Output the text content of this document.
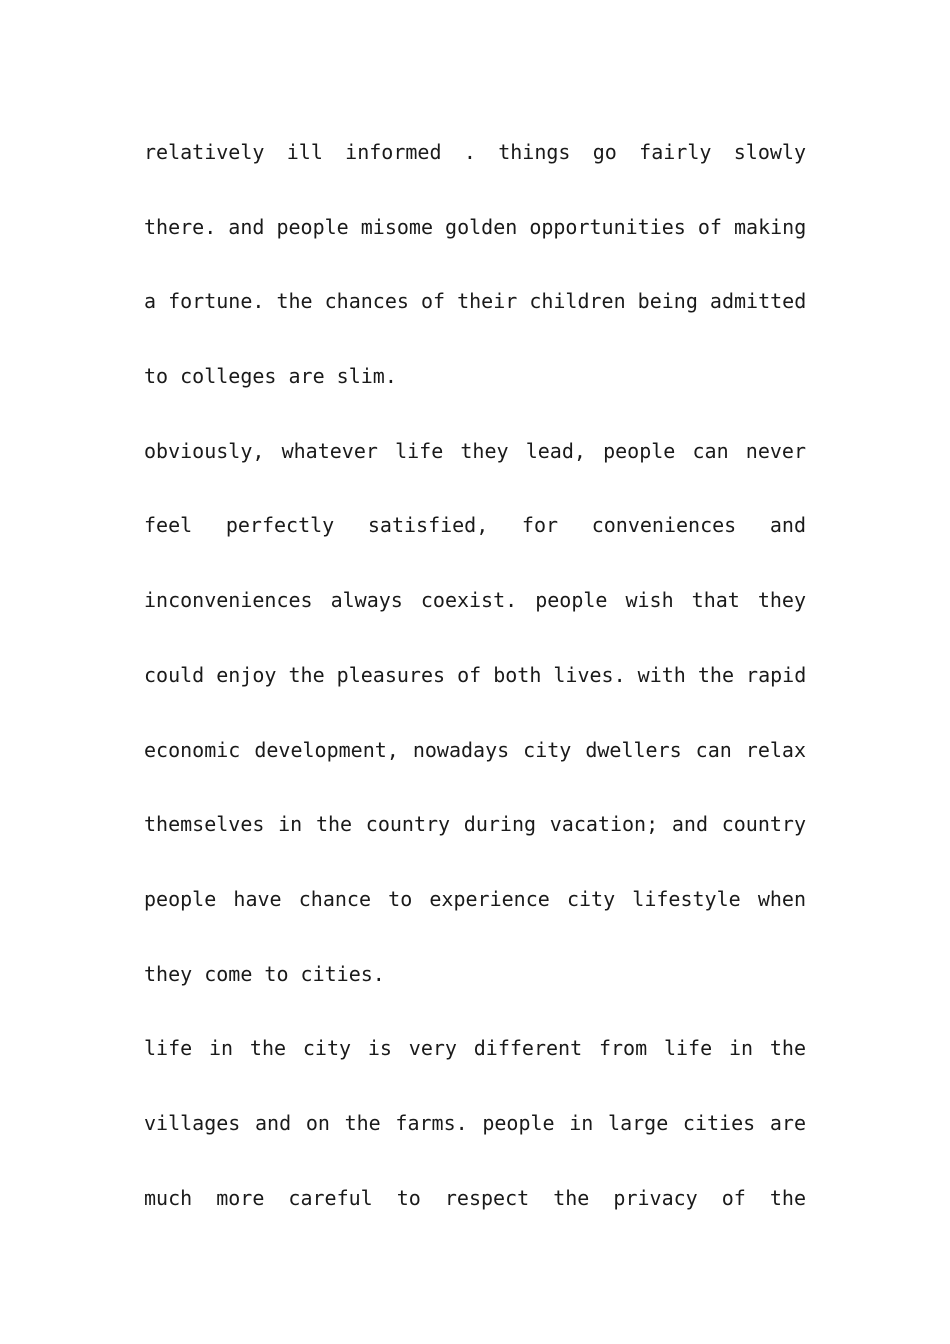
relatively ill informed . things go fairly slowly
there. and people misome golden opportunities of making
a fortune. the chances of their children being admitted
to colleges are slim.
obviously, whatever life they lead, people can never
feel perfectly satisfied, for conveniences and
inconveniences always coexist. people wish that they
could enjoy the pleasures of both lives. with the rapid
economic development, nowadays city dwellers can relax
themselves in the country during vacation; and country
people have chance to experience city lifestyle when
they come to cities.
life in the city is very different from life in the
villages and on the farms. people in large cities are
much more careful to respect the privacy of the
